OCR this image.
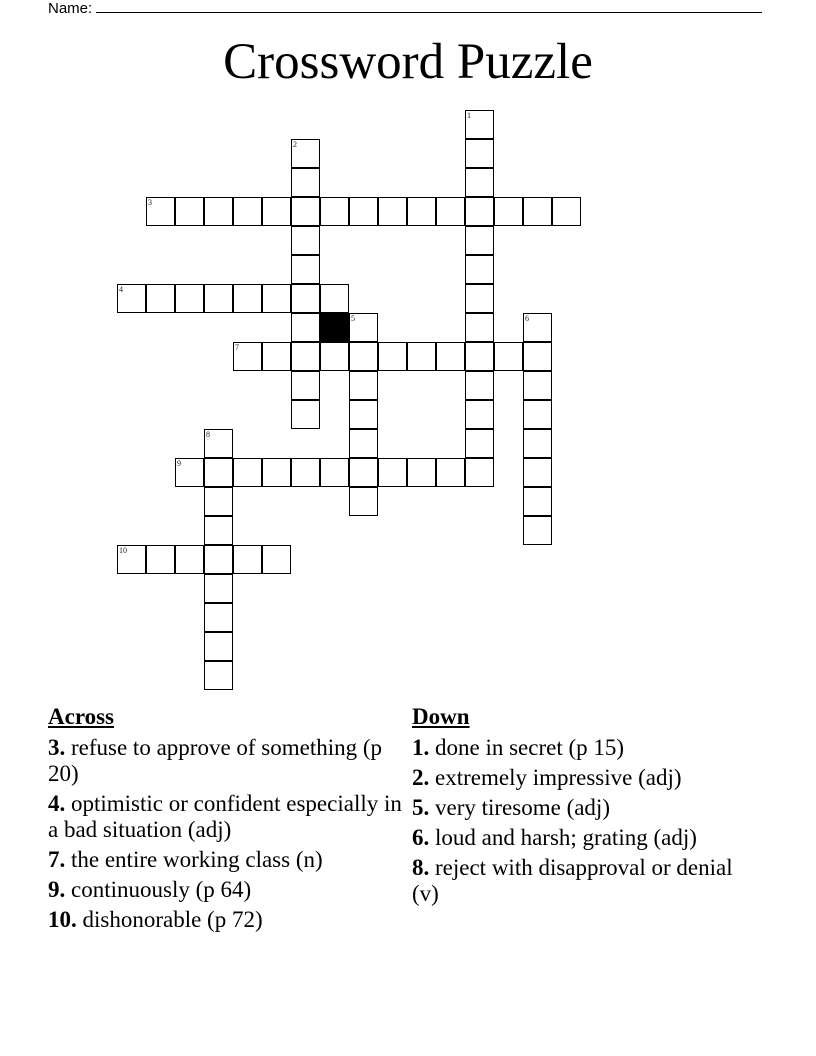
Name:
Crossword Puzzle
1
2
3
4
5	6
7
8
9
10
Across
3. refuse to approve of something (p 20)
4. optimistic or confident especially in a bad situation (adj)
7. the entire working class (n)
9. continuously (p 64)
10. dishonorable (p 72)
Down
1. done in secret (p 15)
2. extremely impressive (adj)
5. very tiresome (adj)
6. loud and harsh; grating (adj)
8. reject with disapproval or denial (v)
